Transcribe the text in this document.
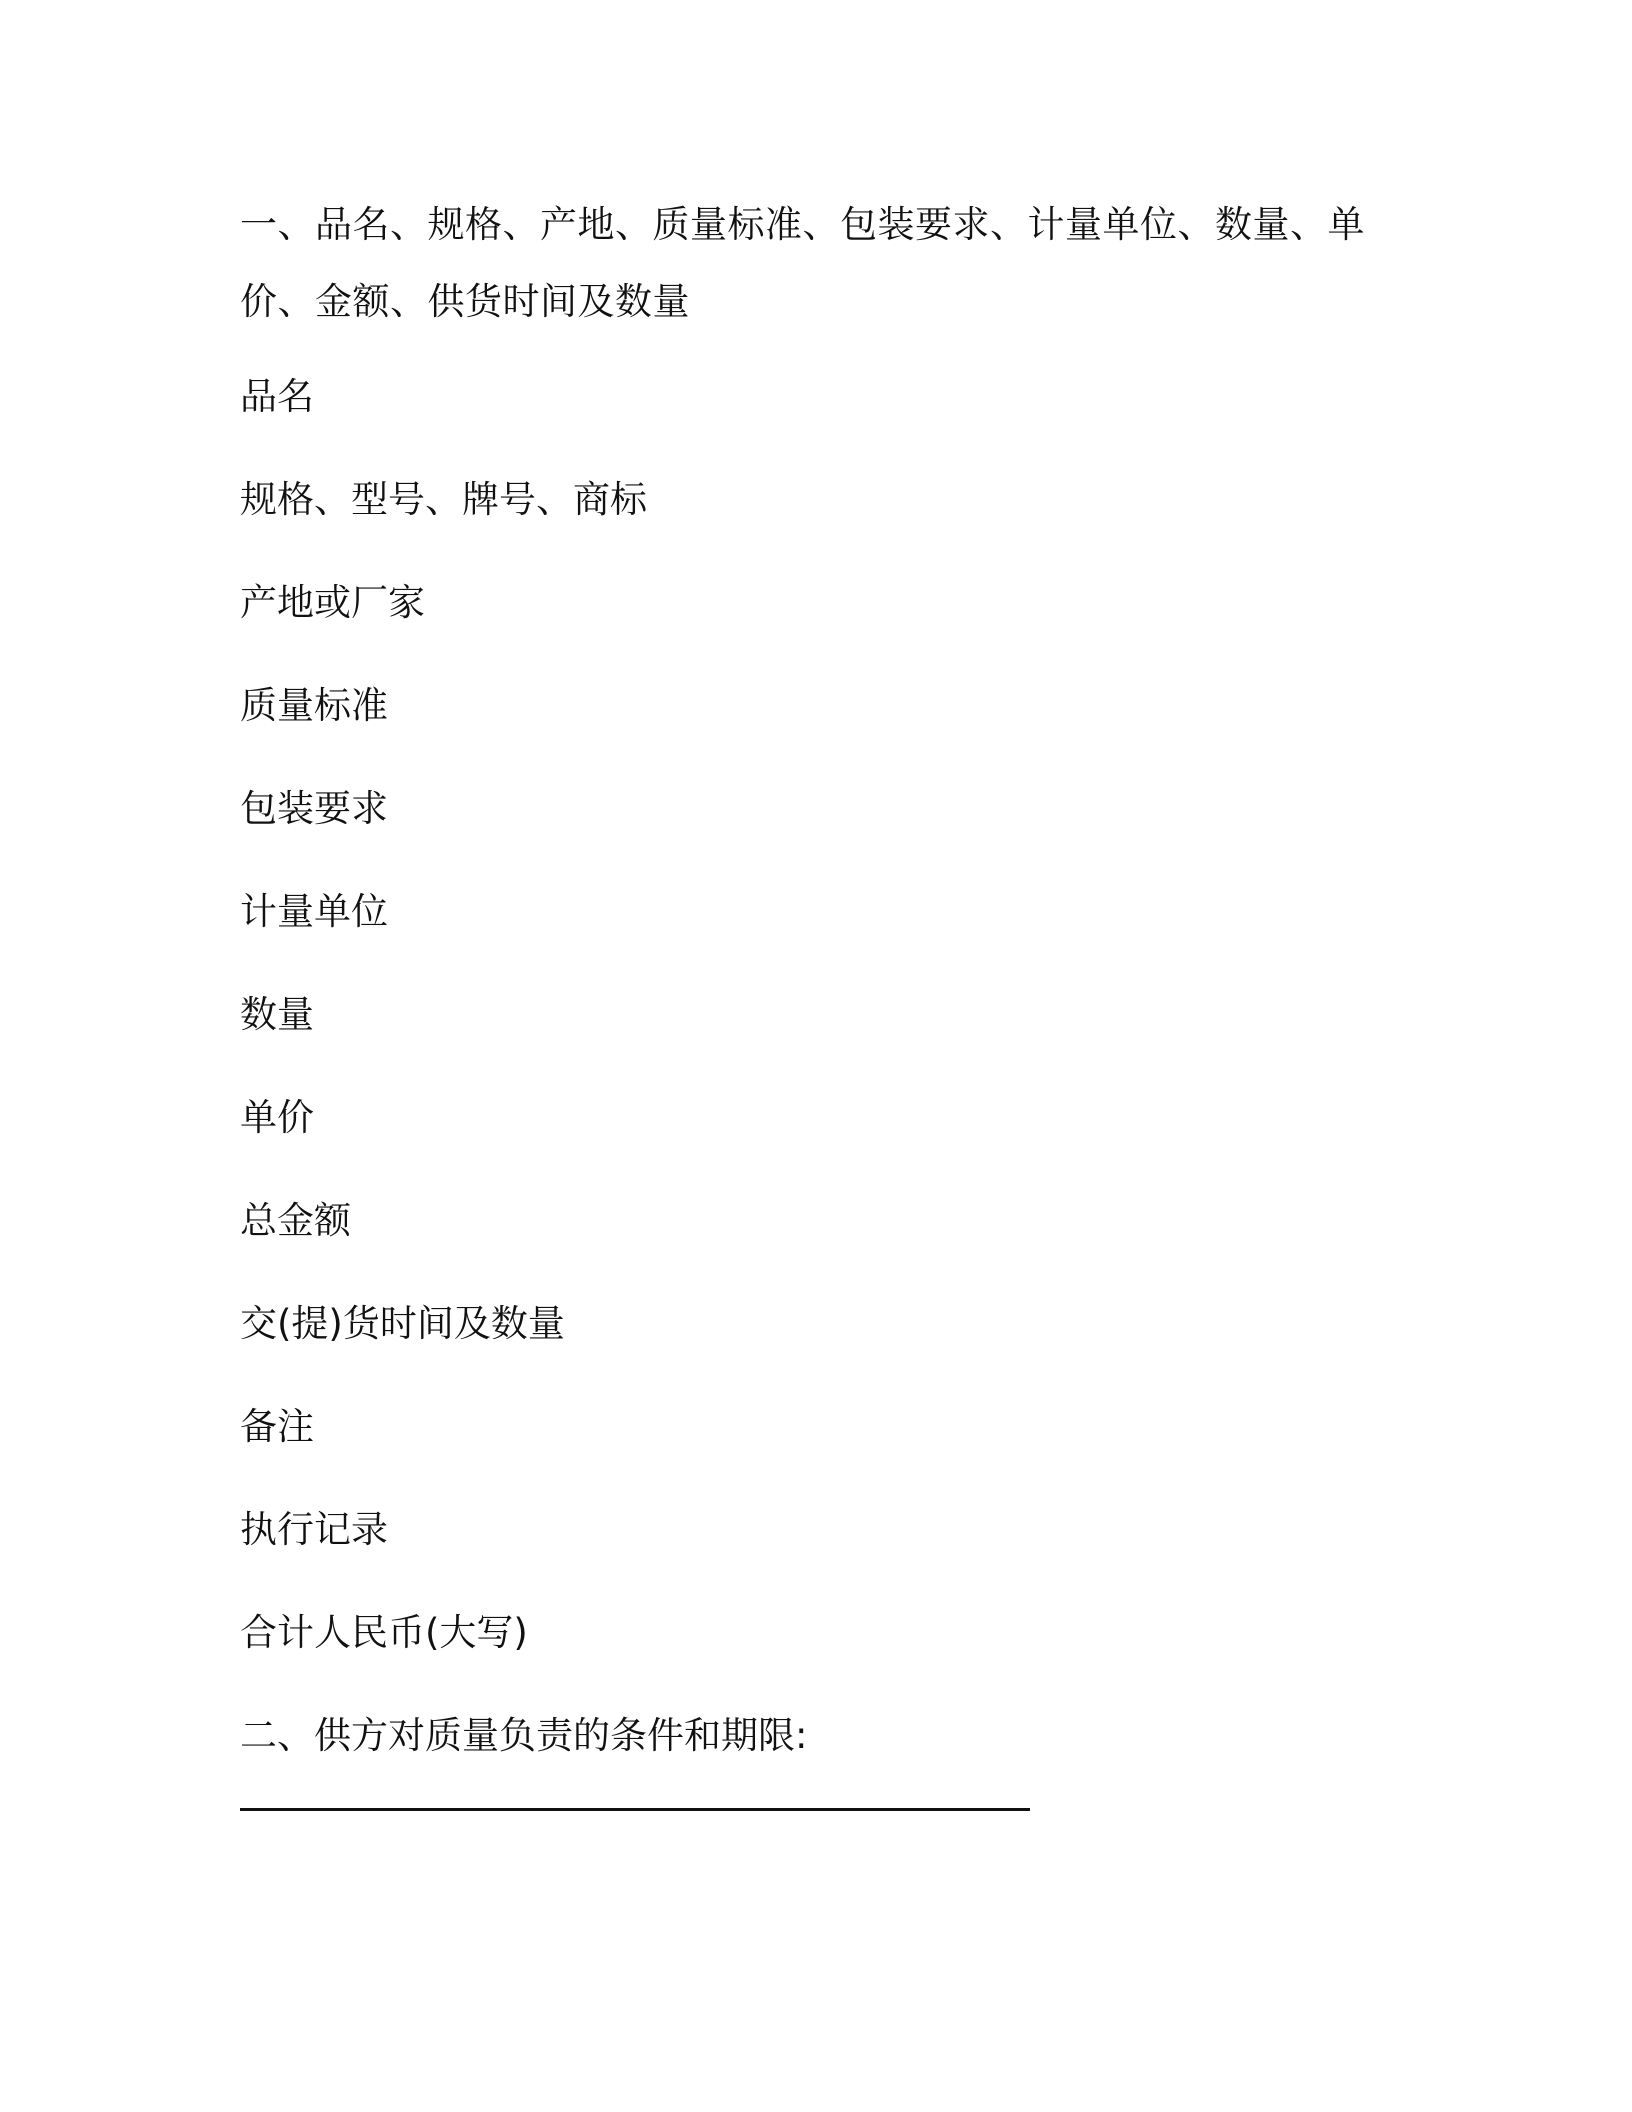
一、品名、规格、产地、质量标准、包装要求、计量单位、数量、单价、金额、供货时间及数量

品名

规格、型号、牌号、商标

产地或厂家

质量标准

包装要求

计量单位

数量

单价

总金额

交(提)货时间及数量

备注

执行记录

合计人民币(大写)

二、供方对质量负责的条件和期限:
